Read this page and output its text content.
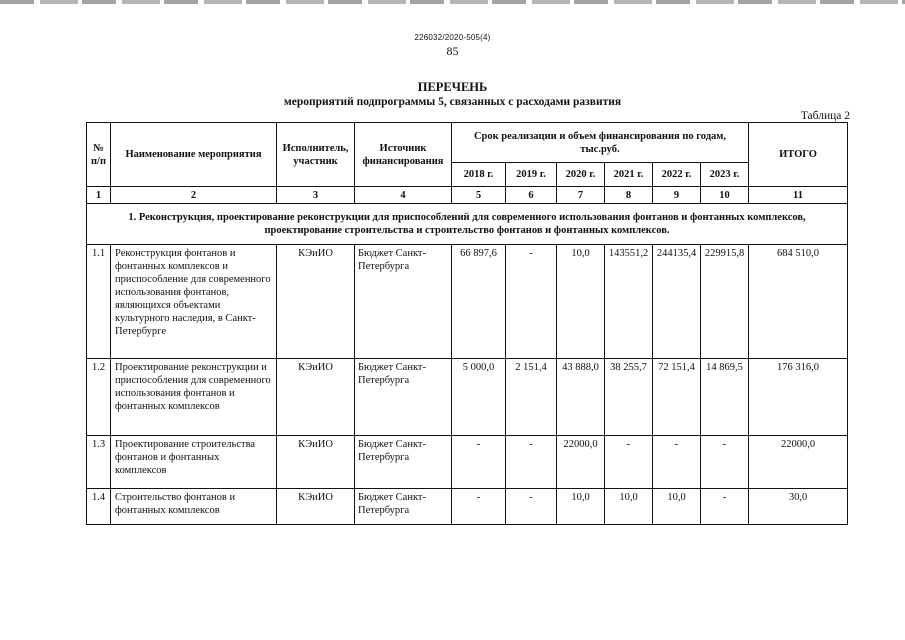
226032/2020-505(4)
85
ПЕРЕЧЕНЬ
мероприятий подпрограммы 5, связанных с расходами развития
Таблица 2
№ п/п	Наименование мероприятия	Исполнитель, участник	Источник финансирования	Срок реализации и объем финансирования по годам, тыс.руб.						ИТОГО
				2018 г.	2019 г.	2020 г.	2021 г.	2022 г.	2023 г.	
1	2	3	4	5	6	7	8	9	10	11
1. Реконструкция, проектирование реконструкции для приспособлений для современного использования фонтанов и фонтанных комплексов, проектирование строительства и строительство фонтанов и фонтанных комплексов.										
1.1	Реконструкция фонтанов и фонтанных комплексов и приспособление для современного использования фонтанов, являющихся объектами культурного наследия, в Санкт-Петербурге	КЭиИО	Бюджет Санкт-Петербурга	66 897,6	-	10,0	143551,2	244135,4	229915,8	684 510,0
1.2	Проектирование реконструкции и приспособления для современного использования фонтанов и фонтанных комплексов	КЭиИО	Бюджет Санкт-Петербурга	5 000,0	2 151,4	43 888,0	38 255,7	72 151,4	14 869,5	176 316,0
1.3	Проектирование строительства фонтанов и фонтанных комплексов	КЭиИО	Бюджет Санкт-Петербурга	-	-	22000,0	-	-	-	22000,0
1.4	Строительство фонтанов и фонтанных комплексов	КЭиИО	Бюджет Санкт-Петербурга	-	-	10,0	10,0	10,0	-	30,0
